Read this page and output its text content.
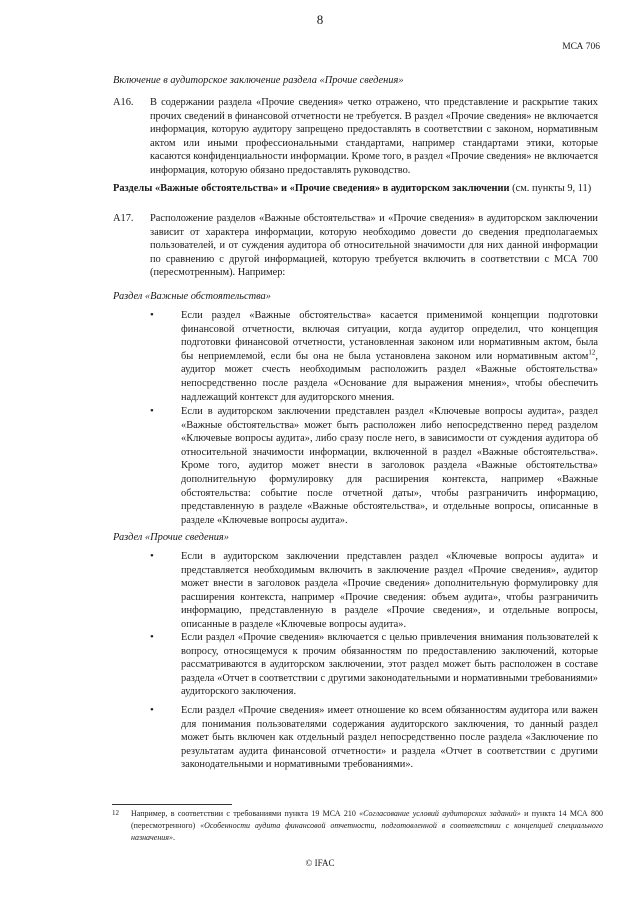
8
МСА 706
Включение в аудиторское заключение раздела «Прочие сведения»
A16. В содержании раздела «Прочие сведения» четко отражено, что представление и раскрытие таких прочих сведений в финансовой отчетности не требуется. В раздел «Прочие сведения» не включается информация, которую аудитору запрещено предоставлять в соответствии с законом, нормативным актом или иными профессиональными стандартами, например стандартами этики, которые касаются конфиденциальности информации. Кроме того, в раздел «Прочие сведения» не включается информация, которую обязано предоставлять руководство.
Разделы «Важные обстоятельства» и «Прочие сведения» в аудиторском заключении (см. пункты 9, 11)
A17. Расположение разделов «Важные обстоятельства» и «Прочие сведения» в аудиторском заключении зависит от характера информации, которую необходимо довести до сведения предполагаемых пользователей, и от суждения аудитора об относительной значимости для них данной информации по сравнению с другой информацией, которую требуется включить в соответствии с МСА 700 (пересмотренным). Например:
Раздел «Важные обстоятельства»
•	Если раздел «Важные обстоятельства» касается применимой концепции подготовки финансовой отчетности, включая ситуации, когда аудитор определил, что концепция подготовки финансовой отчетности, установленная законом или нормативным актом, была бы неприемлемой, если бы она не была установлена законом или нормативным актом$^{12}$, аудитор может счесть необходимым расположить раздел «Важные обстоятельства» непосредственно после раздела «Основание для выражения мнения», чтобы обеспечить надлежащий контекст для аудиторского мнения.
•	Если в аудиторском заключении представлен раздел «Ключевые вопросы аудита», раздел «Важные обстоятельства» может быть расположен либо непосредственно перед разделом «Ключевые вопросы аудита», либо сразу после него, в зависимости от суждения аудитора об относительной значимости информации, включенной в раздел «Важные обстоятельства». Кроме того, аудитор может внести в заголовок раздела «Важные обстоятельства» дополнительную формулировку для расширения контекста, например «Важные обстоятельства: событие после отчетной даты», чтобы разграничить информацию, представленную в разделе «Важные обстоятельства», и отдельные вопросы, описанные в разделе «Ключевые вопросы аудита».
Раздел «Прочие сведения»
•	Если в аудиторском заключении представлен раздел «Ключевые вопросы аудита» и представляется необходимым включить в заключение раздел «Прочие сведения», аудитор может внести в заголовок раздела «Прочие сведения» дополнительную формулировку для расширения контекста, например «Прочие сведения: объем аудита», чтобы разграничить информацию, представленную в разделе «Прочие сведения», и отдельные вопросы, описанные в разделе «Ключевые вопросы аудита».
•	Если раздел «Прочие сведения» включается с целью привлечения внимания пользователей к вопросу, относящемуся к прочим обязанностям по предоставлению заключений, которые рассматриваются в аудиторском заключении, этот раздел может быть расположен в составе раздела «Отчет в соответствии с другими законодательными и нормативными требованиями» аудиторского заключения.
•	Если раздел «Прочие сведения» имеет отношение ко всем обязанностям аудитора или важен для понимания пользователями содержания аудиторского заключения, то данный раздел может быть включен как отдельный раздел непосредственно после раздела «Заключение по результатам аудита финансовой отчетности» и раздела «Отчет в соответствии с другими законодательными и нормативными требованиями».
12 Например, в соответствии с требованиями пункта 19 МСА 210 «Согласование условий аудиторских заданий» и пункта 14 МСА 800 (пересмотренного) «Особенности аудита финансовой отчетности, подготовленной в соответствии с концепцией специального назначения».
© IFAC
